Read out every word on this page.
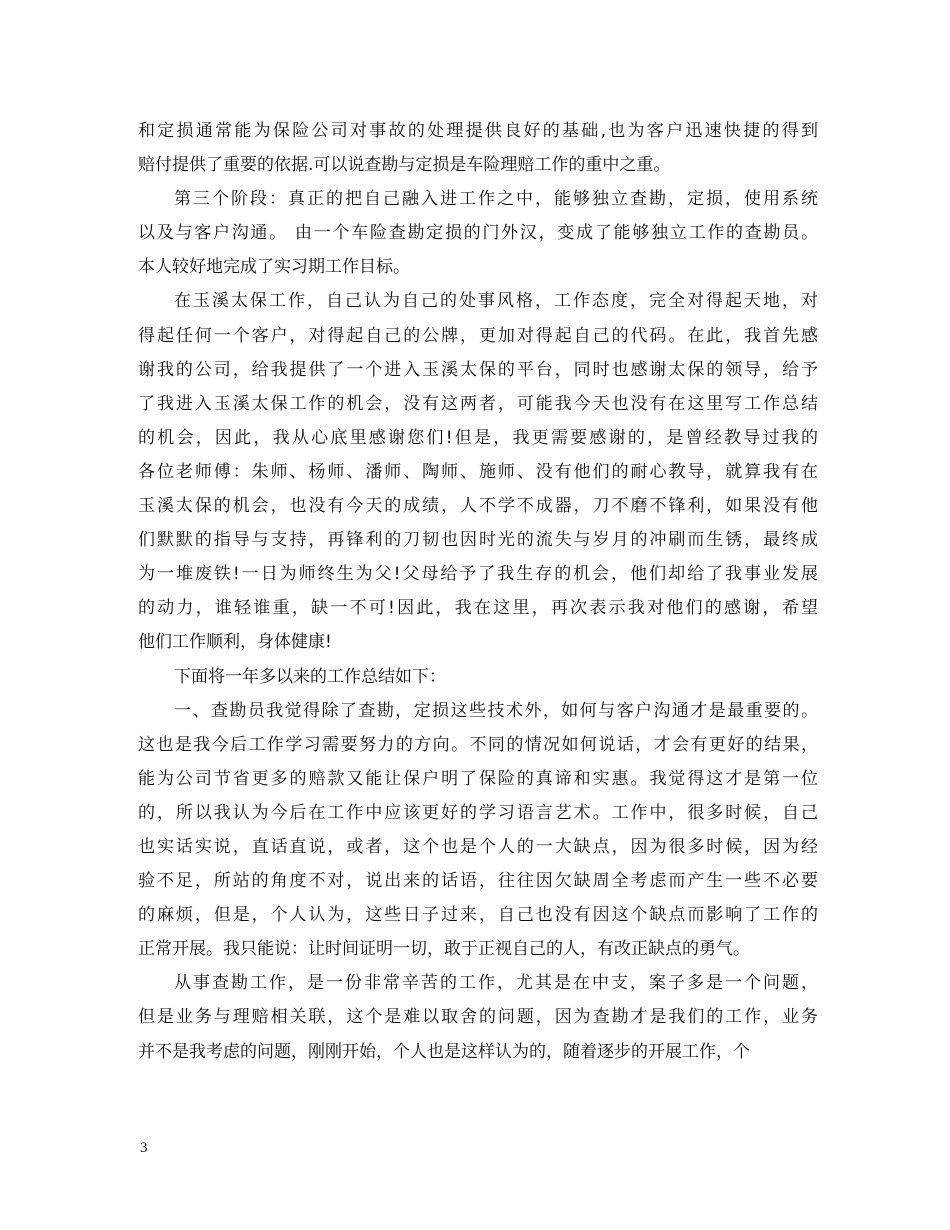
和定损通常能为保险公司对事故的处理提供良好的基础,也为客户迅速快捷的得到
赔付提供了重要的依据.可以说查勘与定损是车险理赔工作的重中之重。
第三个阶段：真正的把自己融入进工作之中，能够独立查勘，定损，使用系统
以及与客户沟通。 由一个车险查勘定损的门外汉，变成了能够独立工作的查勘员。
本人较好地完成了实习期工作目标。
在玉溪太保工作，自己认为自己的处事风格，工作态度，完全对得起天地，对
得起任何一个客户，对得起自己的公牌，更加对得起自己的代码。在此，我首先感
谢我的公司，给我提供了一个进入玉溪太保的平台，同时也感谢太保的领导，给予
了我进入玉溪太保工作的机会，没有这两者，可能我今天也没有在这里写工作总结
的机会，因此，我从心底里感谢您们!但是，我更需要感谢的，是曾经教导过我的
各位老师傅：朱师、杨师、潘师、陶师、施师、没有他们的耐心教导，就算我有在
玉溪太保的机会，也没有今天的成绩，人不学不成器，刀不磨不锋利，如果没有他
们默默的指导与支持，再锋利的刀韧也因时光的流失与岁月的冲刷而生锈，最终成
为一堆废铁!一日为师终生为父!父母给予了我生存的机会，他们却给了我事业发展
的动力，谁轻谁重，缺一不可!因此，我在这里，再次表示我对他们的感谢，希望
他们工作顺利，身体健康!
下面将一年多以来的工作总结如下：
一、查勘员我觉得除了查勘，定损这些技术外，如何与客户沟通才是最重要的。
这也是我今后工作学习需要努力的方向。不同的情况如何说话，才会有更好的结果，
能为公司节省更多的赔款又能让保户明了保险的真谛和实惠。我觉得这才是第一位
的，所以我认为今后在工作中应该更好的学习语言艺术。工作中，很多时候，自己
也实话实说，直话直说，或者，这个也是个人的一大缺点，因为很多时候，因为经
验不足，所站的角度不对，说出来的话语，往往因欠缺周全考虑而产生一些不必要
的麻烦，但是，个人认为，这些日子过来，自己也没有因这个缺点而影响了工作的
正常开展。我只能说：让时间证明一切，敢于正视自己的人，有改正缺点的勇气。
从事查勘工作，是一份非常辛苦的工作，尤其是在中支，案子多是一个问题，
但是业务与理赔相关联，这个是难以取舍的问题，因为查勘才是我们的工作，业务
并不是我考虑的问题，刚刚开始，个人也是这样认为的，随着逐步的开展工作，个
3
